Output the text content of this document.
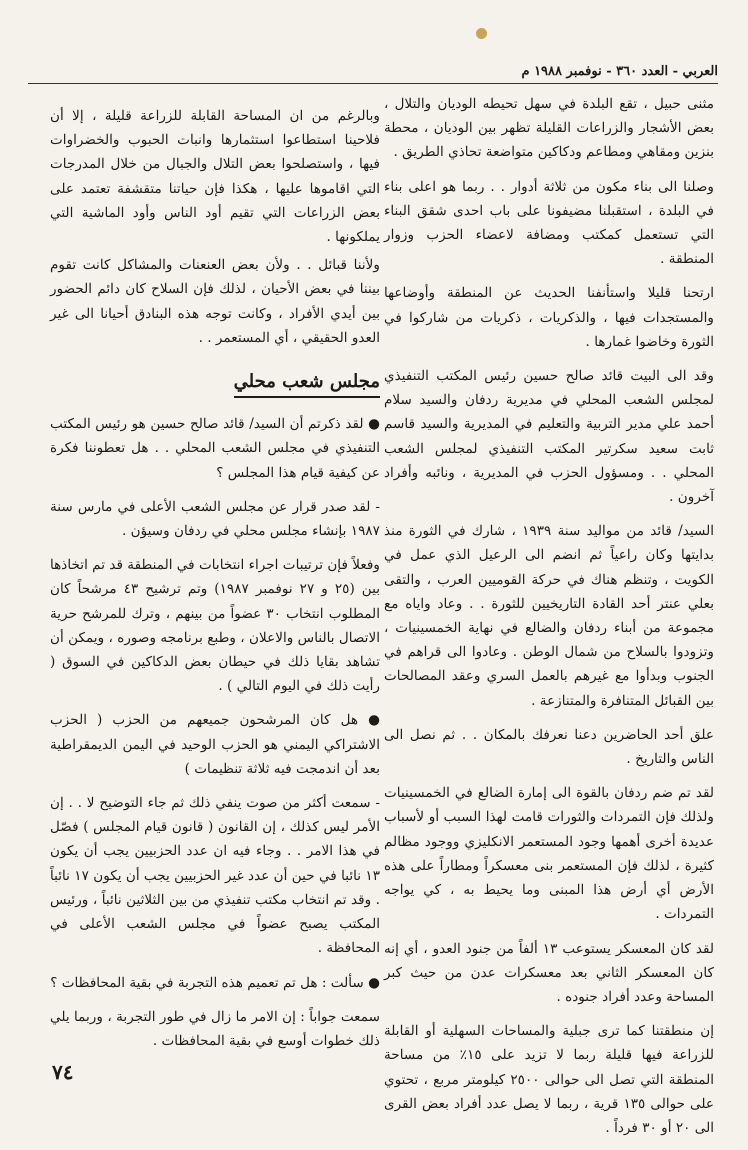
العربي - العدد ٣٦٠ - نوفمبر ١٩٨٨ م

مثنى حبيل ، تقع البلدة في سهل تحيطه الوديان والتلال ، بعض الأشجار والزراعات القليلة تظهر بين الوديان ، محطة بنزين ومقاهي ومطاعم ودكاكين متواضعة تحاذي الطريق .

وصلنا الى بناء مكون من ثلاثة أدوار . . ربما هو اعلى بناء في البلدة ، استقبلنا مضيفونا على باب احدى شقق البناء التي تستعمل كمكتب ومضافة لاعضاء الحزب وزوار المنطقة .

ارتحنا قليلا واستأنفنا الحديث عن المنطقة وأوضاعها والمستجدات فيها ، والذكريات ، ذكريات من شاركوا في الثورة وخاضوا غمارها .

وقد الى البيت قائد صالح حسين رئيس المكتب التنفيذي لمجلس الشعب المحلي في مديرية ردفان والسيد سلام أحمد علي مدير التربية والتعليم في المديرية والسيد قاسم ثابت سعيد سكرتير المكتب التنفيذي لمجلس الشعب المحلي . . ومسؤول الحزب في المديرية ، ونائبه وأفراد آخرون .

السيد/ قائد من مواليد سنة ١٩٣٩ ، شارك في الثورة منذ بدايتها وكان راعياً ثم انضم الى الرعيل الذي عمل في الكويت ، وتنظم هناك في حركة القوميين العرب ، والتقى بعلي عنتر أحد القادة التاريخيين للثورة . . وعاد واياه مع مجموعة من أبناء ردفان والضالع في نهاية الخمسينيات ، وتزودوا بالسلاح من شمال الوطن . وعادوا الى قراهم في الجنوب وبدأوا مع غيرهم بالعمل السري وعقد المصالحات بين القبائل المتنافرة والمتنازعة .

علق أحد الحاضرين دعنا نعرفك بالمكان . . ثم نصل الى الناس والتاريخ .

لقد تم ضم ردفان بالقوة الى إمارة الضالع في الخمسينيات ولذلك فإن التمردات والثورات قامت لهذا السبب أو لأسباب عديدة أخرى أهمها وجود المستعمر الانكليزي ووجود مظالم كثيرة ، لذلك فإن المستعمر بنى معسكراً ومطاراً على هذه الأرض أي أرض هذا المبنى وما يحيط به ، كي يواجه التمردات .

لقد كان المعسكر يستوعب ١٣ ألفاً من جنود العدو ، أي إنه كان المعسكر الثاني بعد معسكرات عدن من حيث كبر المساحة وعدد أفراد جنوده .

إن منطقتنا كما ترى جبلية والمساحات السهلية أو القابلة للزراعة فيها قليلة ربما لا تزيد على ١٥٪ من مساحة المنطقة التي تصل الى حوالى ٢٥٠٠ كيلومتر مربع ، تحتوي على حوالى ١٣٥ قرية ، ربما لا يصل عدد أفراد بعض القرى الى ٢٠ أو ٣٠ فرداً .

وبالرغم من ان المساحة القابلة للزراعة قليلة ، إلا أن فلاحينا استطاعوا استثمارها وانبات الحبوب والخضراوات فيها ، واستصلحوا بعض التلال والجبال من خلال المدرجات التي اقاموها عليها ، هكذا فإن حياتنا متقشفة تعتمد على بعض الزراعات التي تقيم أود الناس وأود الماشية التي يملكونها .

ولأننا قبائل . . ولأن بعض العنعنات والمشاكل كانت تقوم بيننا في بعض الأحيان ، لذلك فإن السلاح كان دائم الحضور بين أيدي الأفراد ، وكانت توجه هذه البنادق أحيانا الى غير العدو الحقيقي ، أي المستعمر . .

مجلس شعب محلي

● لقد ذكرتم أن السيد/ قائد صالح حسين هو رئيس المكتب التنفيذي في مجلس الشعب المحلي . . هل تعطوننا فكرة عن كيفية قيام هذا المجلس ؟

- لقد صدر قرار عن مجلس الشعب الأعلى في مارس سنة ١٩٨٧ بإنشاء مجلس محلي في ردفان وسيؤن .

وفعلاً فإن ترتيبات اجراء انتخابات في المنطقة قد تم اتخاذها بين (٢٥ و ٢٧ نوفمبر ١٩٨٧) وتم ترشيح ٤٣ مرشحاً كان المطلوب انتخاب ٣٠ عضواً من بينهم ، وترك للمرشح حرية الاتصال بالناس والاعلان ، وطبع برنامجه وصوره ، ويمكن أن تشاهد بقايا ذلك في حيطان بعض الدكاكين في السوق ( رأيت ذلك في اليوم التالي ) .

● هل كان المرشحون جميعهم من الحزب ( الحزب الاشتراكي اليمني هو الحزب الوحيد في اليمن الديمقراطية بعد أن اندمجت فيه ثلاثة تنظيمات )

- سمعت أكثر من صوت ينفي ذلك ثم جاء التوضيح لا . . إن الأمر ليس كذلك ، إن القانون ( قانون قيام المجلس ) فصّل في هذا الامر . . وجاء فيه ان عدد الحزبيين يجب أن يكون ١٣ نائبا في حين أن عدد غير الحزبيين يجب أن يكون ١٧ نائباً . وقد تم انتخاب مكتب تنفيذي من بين الثلاثين نائباً ، ورئيس المكتب يصبح عضواً في مجلس الشعب الأعلى في المحافظة .

● سألت : هل تم تعميم هذه التجربة في بقية المحافظات ؟

سمعت جواباً : إن الامر ما زال في طور التجربة ، وربما يلي ذلك خطوات أوسع في بقية المحافظات .

٧٤
